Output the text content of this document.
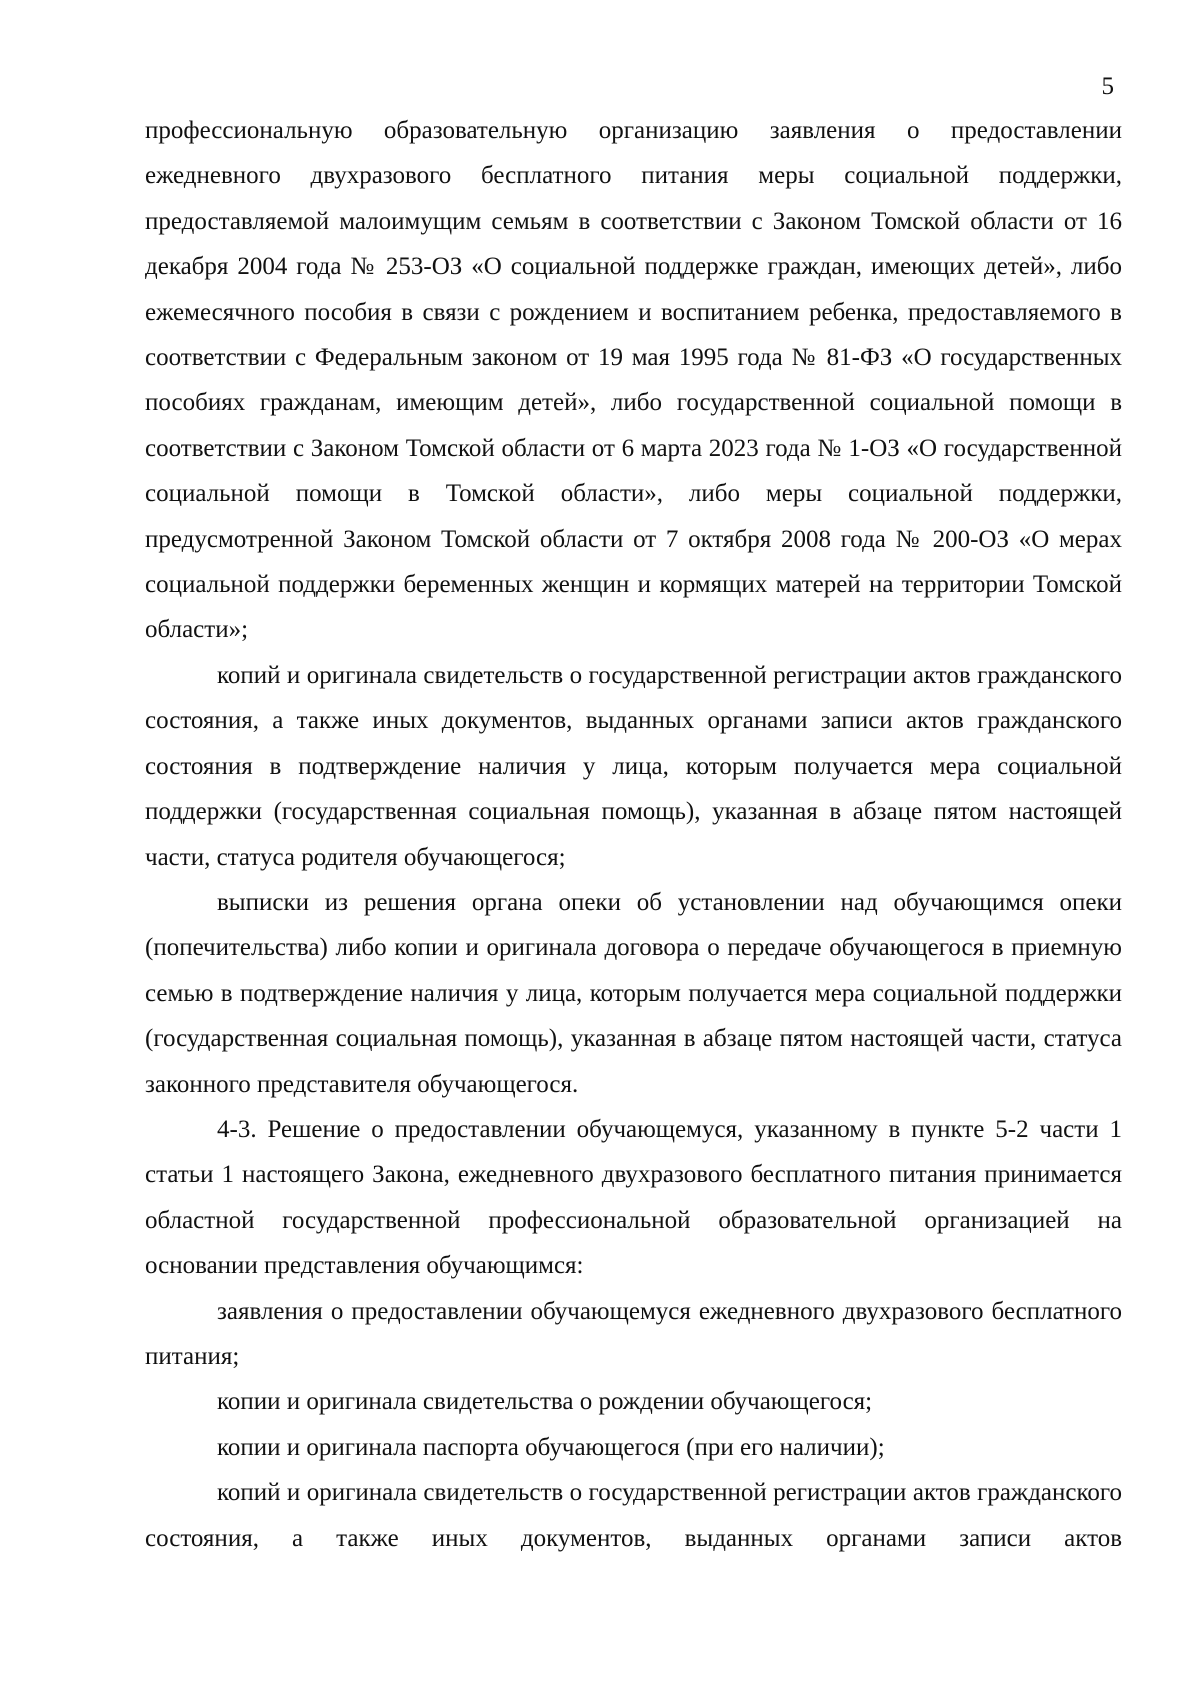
5

профессиональную образовательную организацию заявления о предоставлении ежедневного двухразового бесплатного питания меры социальной поддержки, предоставляемой малоимущим семьям в соответствии с Законом Томской области от 16 декабря 2004 года № 253-ОЗ «О социальной поддержке граждан, имеющих детей», либо ежемесячного пособия в связи с рождением и воспитанием ребенка, предоставляемого в соответствии с Федеральным законом от 19 мая 1995 года № 81-ФЗ «О государственных пособиях гражданам, имеющим детей», либо государственной социальной помощи в соответствии с Законом Томской области от 6 марта 2023 года № 1-ОЗ «О государственной социальной помощи в Томской области», либо меры социальной поддержки, предусмотренной Законом Томской области от 7 октября 2008 года № 200-ОЗ «О мерах социальной поддержки беременных женщин и кормящих матерей на территории Томской области»;

копий и оригинала свидетельств о государственной регистрации актов гражданского состояния, а также иных документов, выданных органами записи актов гражданского состояния в подтверждение наличия у лица, которым получается мера социальной поддержки (государственная социальная помощь), указанная в абзаце пятом настоящей части, статуса родителя обучающегося;

выписки из решения органа опеки об установлении над обучающимся опеки (попечительства) либо копии и оригинала договора о передаче обучающегося в приемную семью в подтверждение наличия у лица, которым получается мера социальной поддержки (государственная социальная помощь), указанная в абзаце пятом настоящей части, статуса законного представителя обучающегося.

4-3. Решение о предоставлении обучающемуся, указанному в пункте 5-2 части 1 статьи 1 настоящего Закона, ежедневного двухразового бесплатного питания принимается областной государственной профессиональной образовательной организацией на основании представления обучающимся:

заявления о предоставлении обучающемуся ежедневного двухразового бесплатного питания;

копии и оригинала свидетельства о рождении обучающегося;

копии и оригинала паспорта обучающегося (при его наличии);

копий и оригинала свидетельств о государственной регистрации актов гражданского состояния, а также иных документов, выданных органами записи актов
